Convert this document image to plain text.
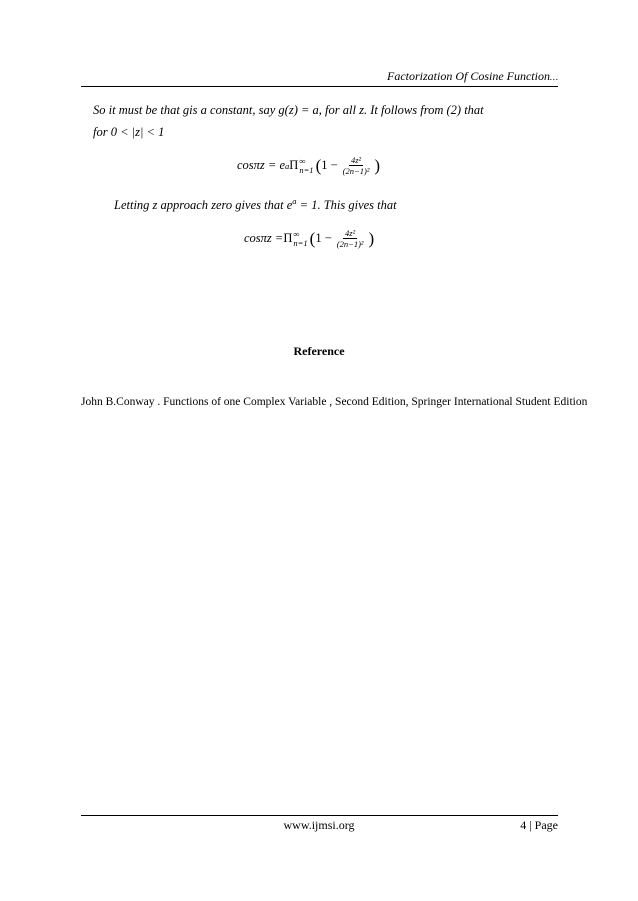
Factorization Of Cosine Function…
So it must be that gis a constant, say g(z) = a, for all z. It follows from (2) that
for 0 < |z| < 1
cosπz = e a Π ∞
n=1 ( $1 - \frac{\text{4z²}}{\text{(2n−1)²}}$ )
Letting z approach zero gives that $e^a = 1$. This gives that
cosπz = Π ∞
n=1 ( $1 - \frac{\text{4z²}}{\text{(2n−1)²}}$ )
Reference
John B.Conway . Functions of one Complex Variable , Second Edition, Springer International Student Edition
www.ijmsi.org	4 | Page
